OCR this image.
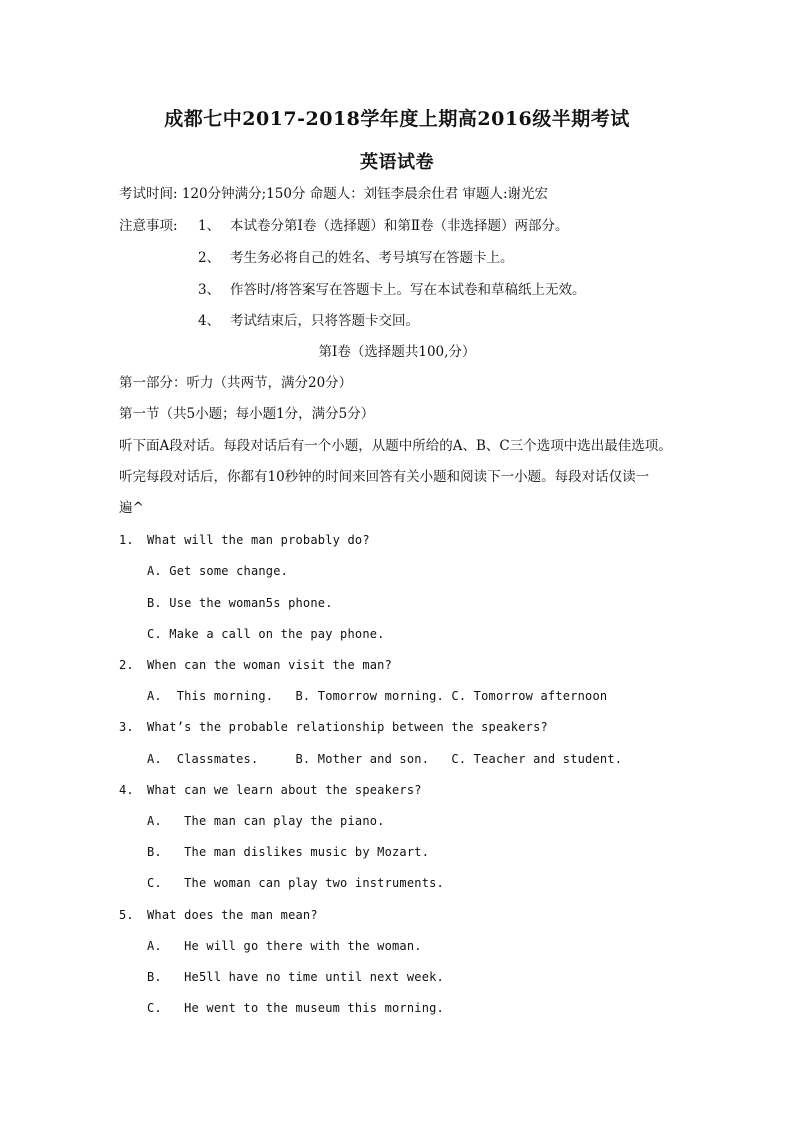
成都七中2017-2018学年度上期高2016级半期考试
英语试卷
考试时间: 120分钟满分;150分 命题人：刘钰李晨余仕君 审题人:谢光宏
注意事项: 1、 本试卷分第Ⅰ卷（选择题）和第Ⅱ卷（非选择题）两部分。
2、 考生务必将自己的姓名、考号填写在答题卡上。
3、 作答时/将答案写在答题卡上。写在本试卷和草稿纸上无效。
4、 考试结束后，只将答题卡交回。
第Ⅰ卷（选择题共100,分）
第一部分：听力（共两节，满分20分）
第一节（共5小题；每小题1分，满分5分）
听下面A段对话。每段对话后有一个小题，从题中所给的A、B、C三个选项中选出最佳选项。
听完每段对话后，你都有10秒钟的时间来回答有关小题和阅读下一小题。每段对话仅读一
遍^
1. What will the man probably do?
A. Get some change.
B. Use the woman5s phone.
C. Make a call on the pay phone.
2. When can the woman visit the man?
A.  This morning.   B. Tomorrow morning. C. Tomorrow afternoon
3. What’s the probable relationship between the speakers?
A.  Classmates.     B. Mother and son.   C. Teacher and student.
4. What can we learn about the speakers?
A.   The man can play the piano.
B.   The man dislikes music by Mozart.
C.   The woman can play two instruments.
5. What does the man mean?
A.   He will go there with the woman.
B.   He5ll have no time until next week.
C.   He went to the museum this morning.
